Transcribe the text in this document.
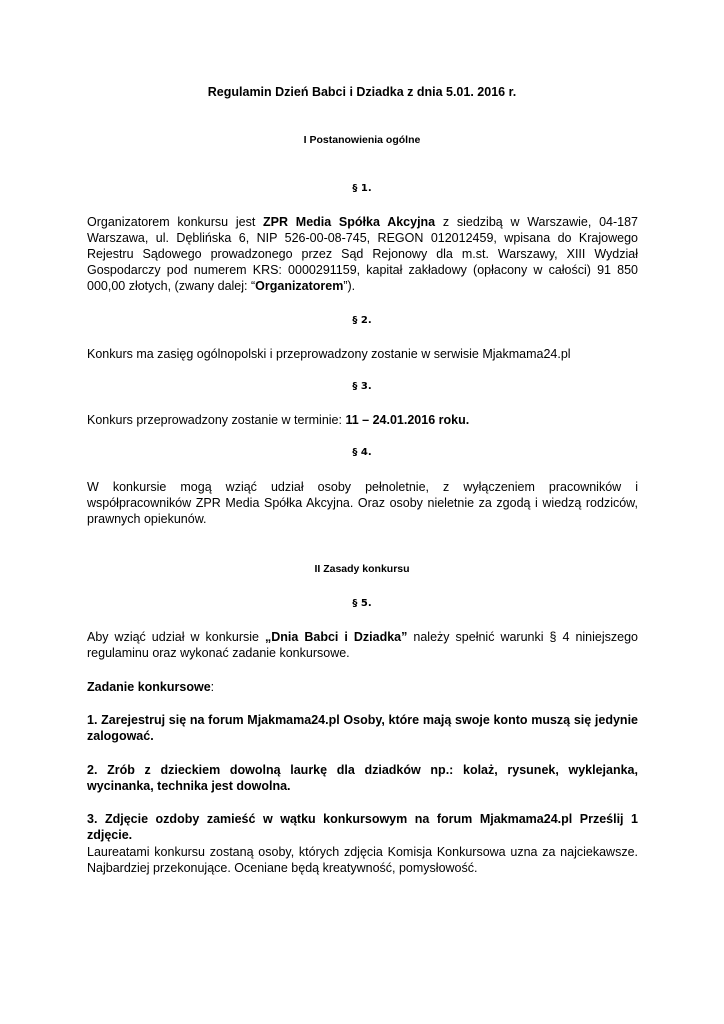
Regulamin Dzień Babci i Dziadka z dnia 5.01. 2016 r.
I Postanowienia ogólne
§ 1.
Organizatorem konkursu jest ZPR Media Spółka Akcyjna z siedzibą w Warszawie, 04-187 Warszawa, ul. Dęblińska 6, NIP 526-00-08-745, REGON 012012459, wpisana do Krajowego Rejestru Sądowego prowadzonego przez Sąd Rejonowy dla m.st. Warszawy, XIII Wydział Gospodarczy pod numerem KRS: 0000291159, kapitał zakładowy (opłacony w całości) 91 850 000,00 złotych, (zwany dalej: “Organizatorem”).
§ 2.
Konkurs ma zasięg ogólnopolski i przeprowadzony zostanie w serwisie Mjakmama24.pl
§ 3.
Konkurs przeprowadzony zostanie w terminie: 11 – 24.01.2016 roku.
§ 4.
W konkursie mogą wziąć udział osoby pełnoletnie, z wyłączeniem pracowników i współpracowników ZPR Media Spółka Akcyjna. Oraz osoby nieletnie za zgodą i wiedzą rodziców, prawnych opiekunów.
II Zasady konkursu
§ 5.
Aby wziąć udział w konkursie „Dnia Babci i Dziadka” należy spełnić warunki § 4 niniejszego regulaminu oraz wykonać zadanie konkursowe.
Zadanie konkursowe:
1. Zarejestruj się na forum Mjakmama24.pl Osoby, które mają swoje konto muszą się jedynie zalogować.
2. Zrób z dzieckiem dowolną laurkę dla dziadków np.: kolaż, rysunek, wyklejanka, wycinanka, technika jest dowolna.
3. Zdjęcie ozdoby zamieść w wątku konkursowym na forum Mjakmama24.pl Prześlij 1 zdjęcie.
Laureatami konkursu zostaną osoby, których zdjęcia Komisja Konkursowa uzna za najciekawsze. Najbardziej przekonujące. Oceniane będą kreatywność, pomysłowość.
